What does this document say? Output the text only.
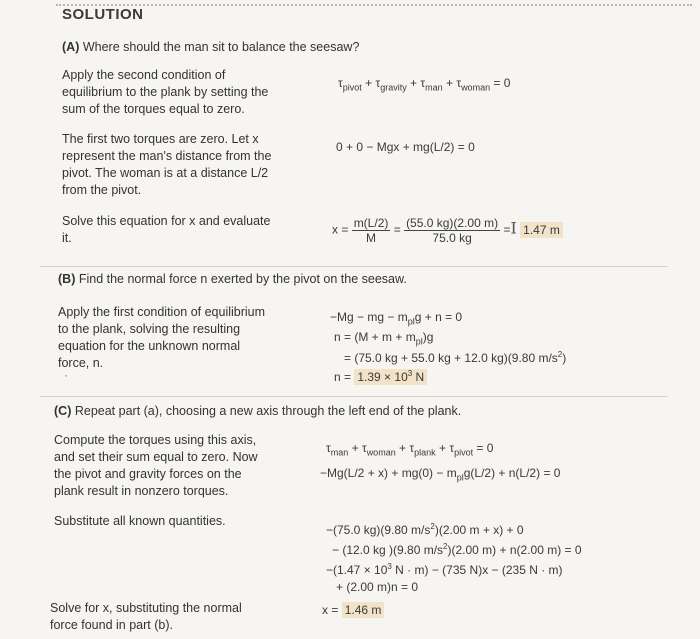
SOLUTION
(A) Where should the man sit to balance the seesaw?
Apply the second condition of
equilibrium to the plank by setting the
sum of the torques equal to zero.
$\tau_{pivot} + \tau_{gravity} + \tau_{man} + \tau_{woman} = 0$
The first two torques are zero. Let x
represent the man's distance from the
pivot. The woman is at a distance L/2
from the pivot.
0 + 0 − Mgx + mg(L/2) = 0
Solve this equation for x and evaluate
it.
$x = \frac{m(L/2)}{M} = \frac{(55.0 kg)(2.00 m)}{75.0 kg} =I$ 1.47 m
(B) Find the normal force n exerted by the pivot on the seesaw.
Apply the first condition of equilibrium
to the plank, solving the resulting
equation for the unknown normal
force, n.
·
−Mg − mg − $m_{pl}g + n = 0$
$n = (M + m + m_{pl})g$
= (75.0 kg + 55.0 kg + 12.0 kg)(9.80 $m/s^2$)
$n = 1.39 \times 10^3$ N
(C) Repeat part (a), choosing a new axis through the left end of the plank.
Compute the torques using this axis,
and set their sum equal to zero. Now
the pivot and gravity forces on the
plank result in nonzero torques.
$\tau_{man} + \tau_{woman} + \tau_{plank} + \tau_{pivot} = 0$
$-Mg(L/2 + x) + mg(0) - m_{pl}g(L/2) + n(L/2) = 0$
Substitute all known quantities.
−(75.0 kg)(9.80 $m/s^2)(2.00$ m + x) + 0
− (12.0 kg )(9.80 $m/s^2)(2.00$ m) + n(2.00 m) = 0
$-(1.47 \times 10^3$ N · m) − (735 N)x − (235 N · m)
+ (2.00 m)n = 0
Solve for x, substituting the normal
force found in part (b).
x = 1.46 m
